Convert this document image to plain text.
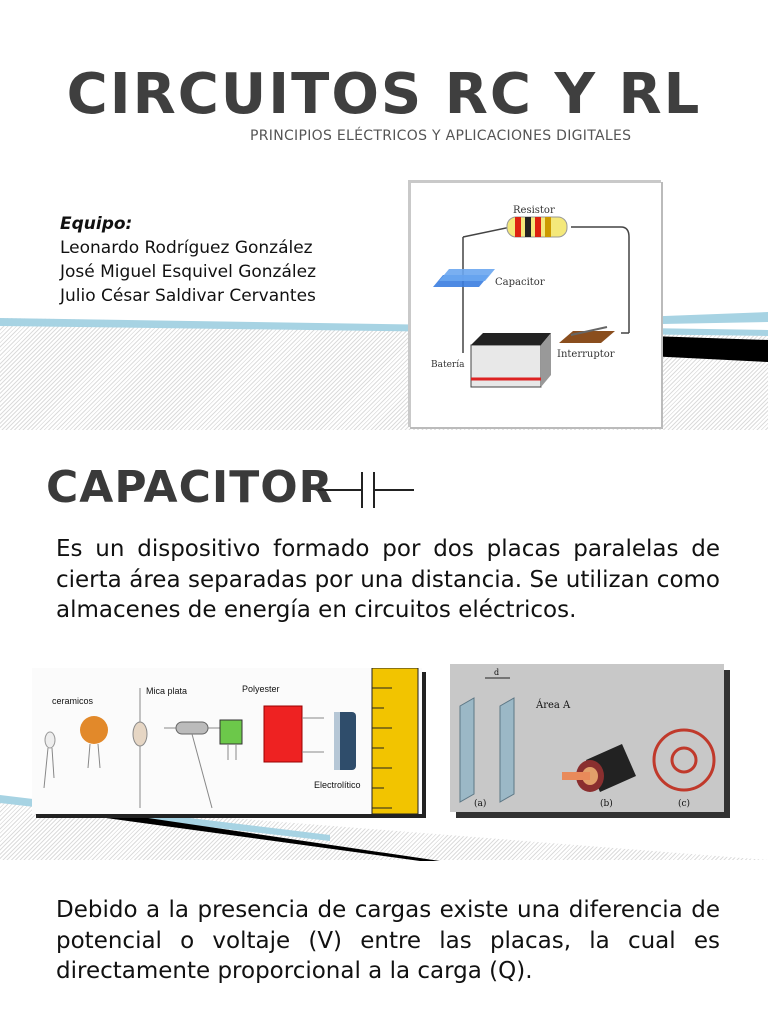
CIRCUITOS RC Y RL
PRINCIPIOS ELÉCTRICOS Y APLICACIONES DIGITALES
Equipo:
Leonardo Rodríguez González
José Miguel Esquivel González
Julio César Saldivar Cervantes
Resistor
Capacitor
Batería
Interruptor
CAPACITOR
Es un dispositivo formado por dos placas paralelas de cierta área separadas por una distancia. Se utilizan como almacenes de energía en circuitos eléctricos.
ceramicos
Mica plata	Polyester
Electrolítico
d
Área A
(a)	(b)	(c)
Debido a la presencia de cargas existe una diferencia de potencial o voltaje (V) entre las placas, la cual es directamente proporcional a la carga (Q).
